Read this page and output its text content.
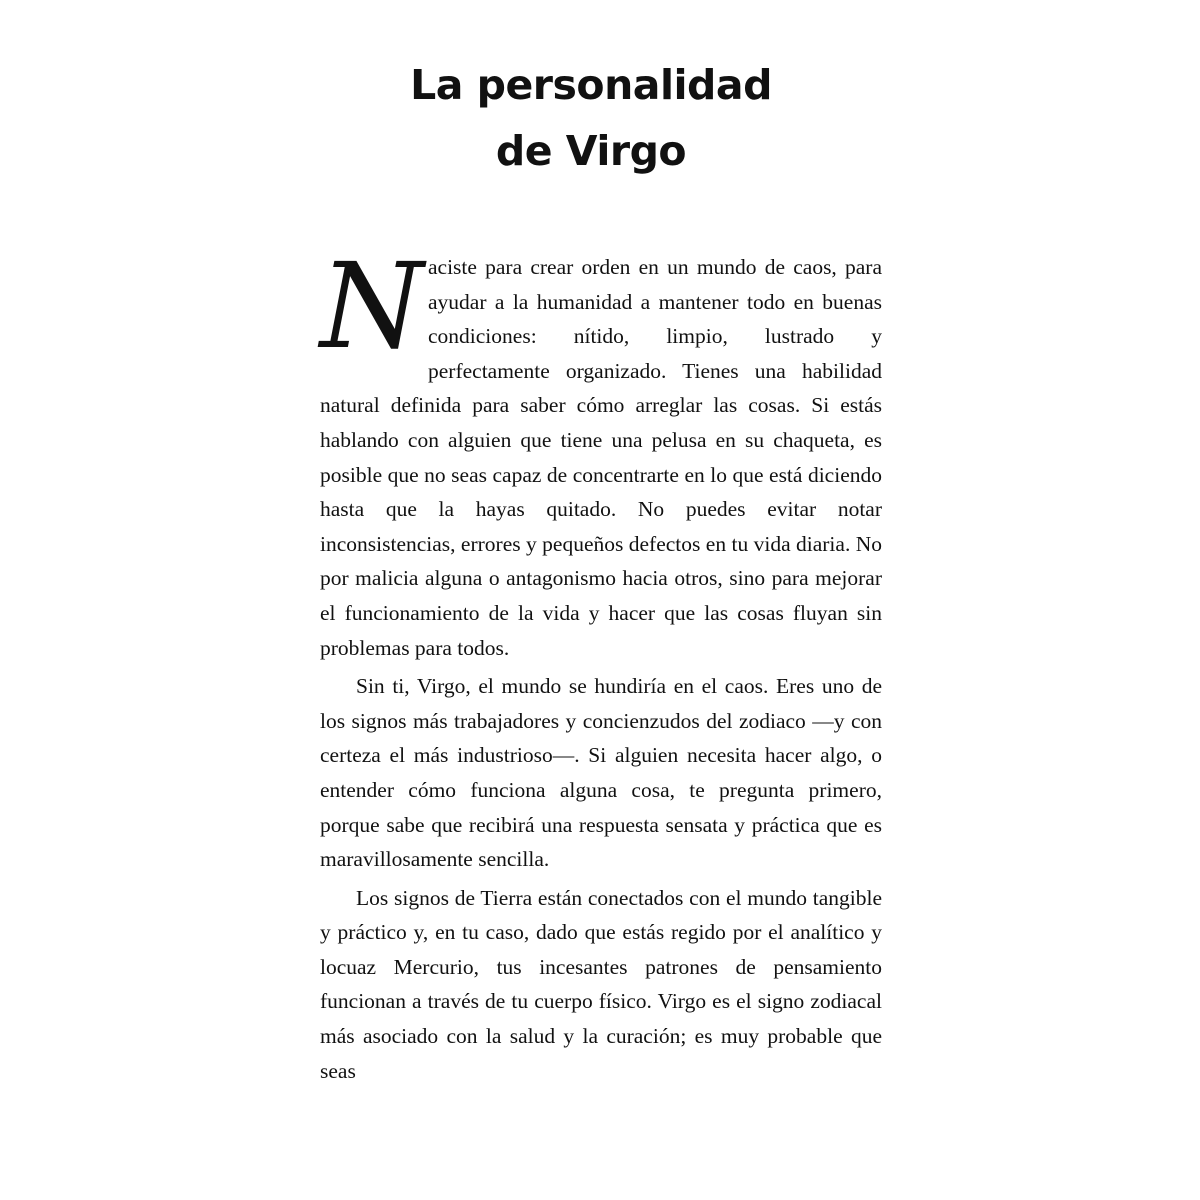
La personalidad
de Virgo

Naciste para crear orden en un mundo de caos, para ayudar a la humanidad a mantener todo en buenas condiciones: nítido, limpio, lustrado y perfectamente organizado. Tienes una habilidad natural definida para saber cómo arreglar las cosas. Si estás hablando con alguien que tiene una pelusa en su chaqueta, es posible que no seas capaz de concentrarte en lo que está diciendo hasta que la hayas quitado. No puedes evitar notar inconsistencias, errores y pequeños defectos en tu vida diaria. No por malicia alguna o antagonismo hacia otros, sino para mejorar el funcionamiento de la vida y hacer que las cosas fluyan sin problemas para todos.

Sin ti, Virgo, el mundo se hundiría en el caos. Eres uno de los signos más trabajadores y concienzudos del zodiaco —y con certeza el más industrioso—. Si alguien necesita hacer algo, o entender cómo funciona alguna cosa, te pregunta primero, porque sabe que recibirá una respuesta sensata y práctica que es maravillosamente sencilla.

Los signos de Tierra están conectados con el mundo tangible y práctico y, en tu caso, dado que estás regido por el analítico y locuaz Mercurio, tus incesantes patrones de pensamiento funcionan a través de tu cuerpo físico. Virgo es el signo zodiacal más asociado con la salud y la curación; es muy probable que seas
